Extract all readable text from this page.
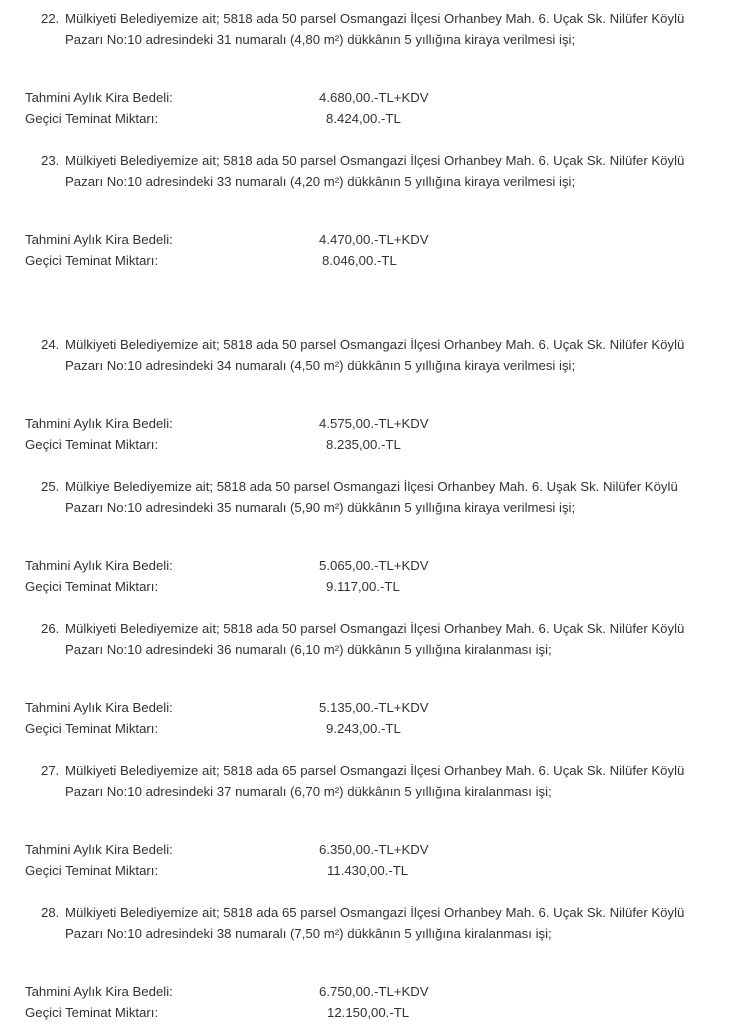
22. Mülkiyeti Belediyemize ait; 5818 ada 50 parsel Osmangazi İlçesi Orhanbey Mah. 6. Uçak Sk. Nilüfer Köylü
Pazarı No:10 adresindeki 31 numaralı (4,80 m²) dükkânın 5 yıllığına kiraya verilmesi işi;
Tahmini Aylık Kira Bedeli:	4.680,00.-TL+KDV
Geçici Teminat Miktarı:	8.424,00.-TL
23. Mülkiyeti Belediyemize ait; 5818 ada 50 parsel Osmangazi İlçesi Orhanbey Mah. 6. Uçak Sk. Nilüfer Köylü
Pazarı No:10 adresindeki 33 numaralı (4,20 m²) dükkânın 5 yıllığına kiraya verilmesi işi;
Tahmini Aylık Kira Bedeli:	4.470,00.-TL+KDV
Geçici Teminat Miktarı:	8.046,00.-TL
24. Mülkiyeti Belediyemize ait; 5818 ada 50 parsel Osmangazi İlçesi Orhanbey Mah. 6. Uçak Sk. Nilüfer Köylü
Pazarı No:10 adresindeki 34 numaralı (4,50 m²) dükkânın 5 yıllığına kiraya verilmesi işi;
Tahmini Aylık Kira Bedeli:	4.575,00.-TL+KDV
Geçici Teminat Miktarı:	8.235,00.-TL
25. Mülkiye Belediyemize ait; 5818 ada 50 parsel Osmangazi İlçesi Orhanbey Mah. 6. Uşak Sk. Nilüfer Köylü
Pazarı No:10 adresindeki 35 numaralı (5,90 m²) dükkânın 5 yıllığına kiraya verilmesi işi;
Tahmini Aylık Kira Bedeli:	5.065,00.-TL+KDV
Geçici Teminat Miktarı:	9.117,00.-TL
26. Mülkiyeti Belediyemize ait; 5818 ada 50 parsel Osmangazi İlçesi Orhanbey Mah. 6. Uçak Sk. Nilüfer Köylü
Pazarı No:10 adresindeki 36 numaralı (6,10 m²) dükkânın 5 yıllığına kiralanması işi;
Tahmini Aylık Kira Bedeli:	5.135,00.-TL+KDV
Geçici Teminat Miktarı:	9.243,00.-TL
27. Mülkiyeti Belediyemize ait; 5818 ada 65 parsel Osmangazi İlçesi Orhanbey Mah. 6. Uçak Sk. Nilüfer Köylü
Pazarı No:10 adresindeki 37 numaralı (6,70 m²) dükkânın 5 yıllığına kiralanması işi;
Tahmini Aylık Kira Bedeli:	6.350,00.-TL+KDV
Geçici Teminat Miktarı:	11.430,00.-TL
28. Mülkiyeti Belediyemize ait; 5818 ada 65 parsel Osmangazi İlçesi Orhanbey Mah. 6. Uçak Sk. Nilüfer Köylü
Pazarı No:10 adresindeki 38 numaralı (7,50 m²) dükkânın 5 yıllığına kiralanması işi;
Tahmini Aylık Kira Bedeli:	6.750,00.-TL+KDV
Geçici Teminat Miktarı:	12.150,00.-TL
